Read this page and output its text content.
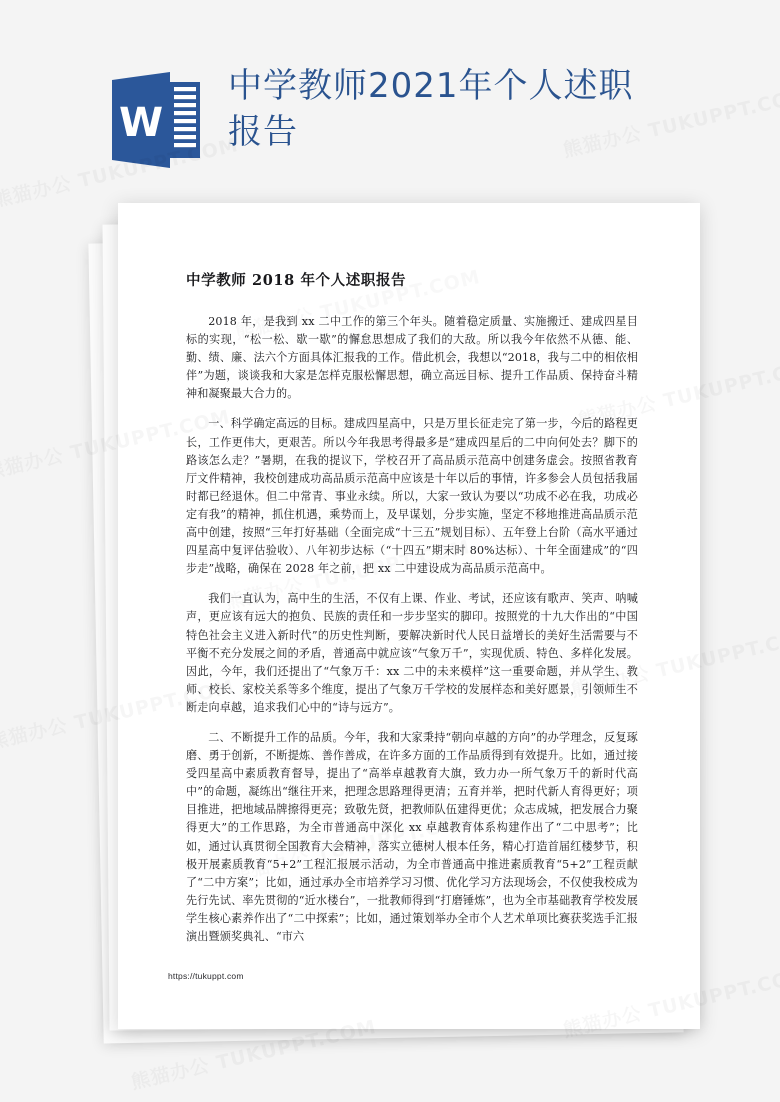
中学教师 2018 年个人述职报告

2018 年，是我到 xx 二中工作的第三个年头。随着稳定质量、实施搬迁、建成四星目标的实现，“松一松、歇一歇”的懈怠思想成了我们的大敌。所以我今年依然不从德、能、勤、绩、廉、法六个方面具体汇报我的工作。借此机会，我想以“2018，我与二中的相依相伴”为题，谈谈我和大家是怎样克服松懈思想，确立高远目标、提升工作品质、保持奋斗精神和凝聚最大合力的。

一、科学确定高远的目标。建成四星高中，只是万里长征走完了第一步，今后的路程更长，工作更伟大，更艰苦。所以今年我思考得最多是“建成四星后的二中向何处去？脚下的路该怎么走？”暑期，在我的提议下，学校召开了高品质示范高中创建务虚会。按照省教育厅文件精神，我校创建成功高品质示范高中应该是十年以后的事情，许多参会人员包括我届时都已经退休。但二中常青、事业永续。所以，大家一致认为要以“功成不必在我，功成必定有我”的精神，抓住机遇，乘势而上，及早谋划，分步实施，坚定不移地推进高品质示范高中创建，按照“三年打好基础（全面完成“十三五”规划目标）、五年登上台阶（高水平通过四星高中复评估验收）、八年初步达标（“十四五”期末时 80%达标）、十年全面建成”的“四步走”战略，确保在 2028 年之前，把 xx 二中建设成为高品质示范高中。

我们一直认为，高中生的生活，不仅有上课、作业、考试，还应该有歌声、笑声、呐喊声，更应该有远大的抱负、民族的责任和一步步坚实的脚印。按照党的十九大作出的“中国特色社会主义进入新时代”的历史性判断，要解决新时代人民日益增长的美好生活需要与不平衡不充分发展之间的矛盾，普通高中就应该“气象万千”，实现优质、特色、多样化发展。因此，今年，我们还提出了“气象万千：xx 二中的未来模样”这一重要命题，并从学生、教师、校长、家校关系等多个维度，提出了气象万千学校的发展样态和美好愿景，引领师生不断走向卓越，追求我们心中的“诗与远方”。

二、不断提升工作的品质。今年，我和大家秉持“朝向卓越的方向”的办学理念，反复琢磨、勇于创新，不断提炼、善作善成，在许多方面的工作品质得到有效提升。比如，通过接受四星高中素质教育督导，提出了“高举卓越教育大旗，致力办一所气象万千的新时代高中”的命题，凝练出“继往开来，把理念思路理得更清；五育并举，把时代新人育得更好；项目推进，把地域品牌擦得更亮；致敬先贤，把教师队伍建得更优；众志成城，把发展合力聚得更大”的工作思路，为全市普通高中深化 xx 卓越教育体系构建作出了“二中思考”；比如，通过认真贯彻全国教育大会精神，落实立德树人根本任务，精心打造首届红楼梦节，积极开展素质教育“5+2”工程汇报展示活动，为全市普通高中推进素质教育“5+2”工程贡献了“二中方案”；比如，通过承办全市培养学习习惯、优化学习方法现场会，不仅使我校成为先行先试、率先贯彻的“近水楼台”，一批教师得到“打磨锤炼”，也为全市基础教育学校发展学生核心素养作出了“二中探索”；比如，通过策划举办全市个人艺术单项比赛获奖选手汇报演出暨颁奖典礼、“市六

https://tukuppt.com
W
中学教师2021年个人述职报告
